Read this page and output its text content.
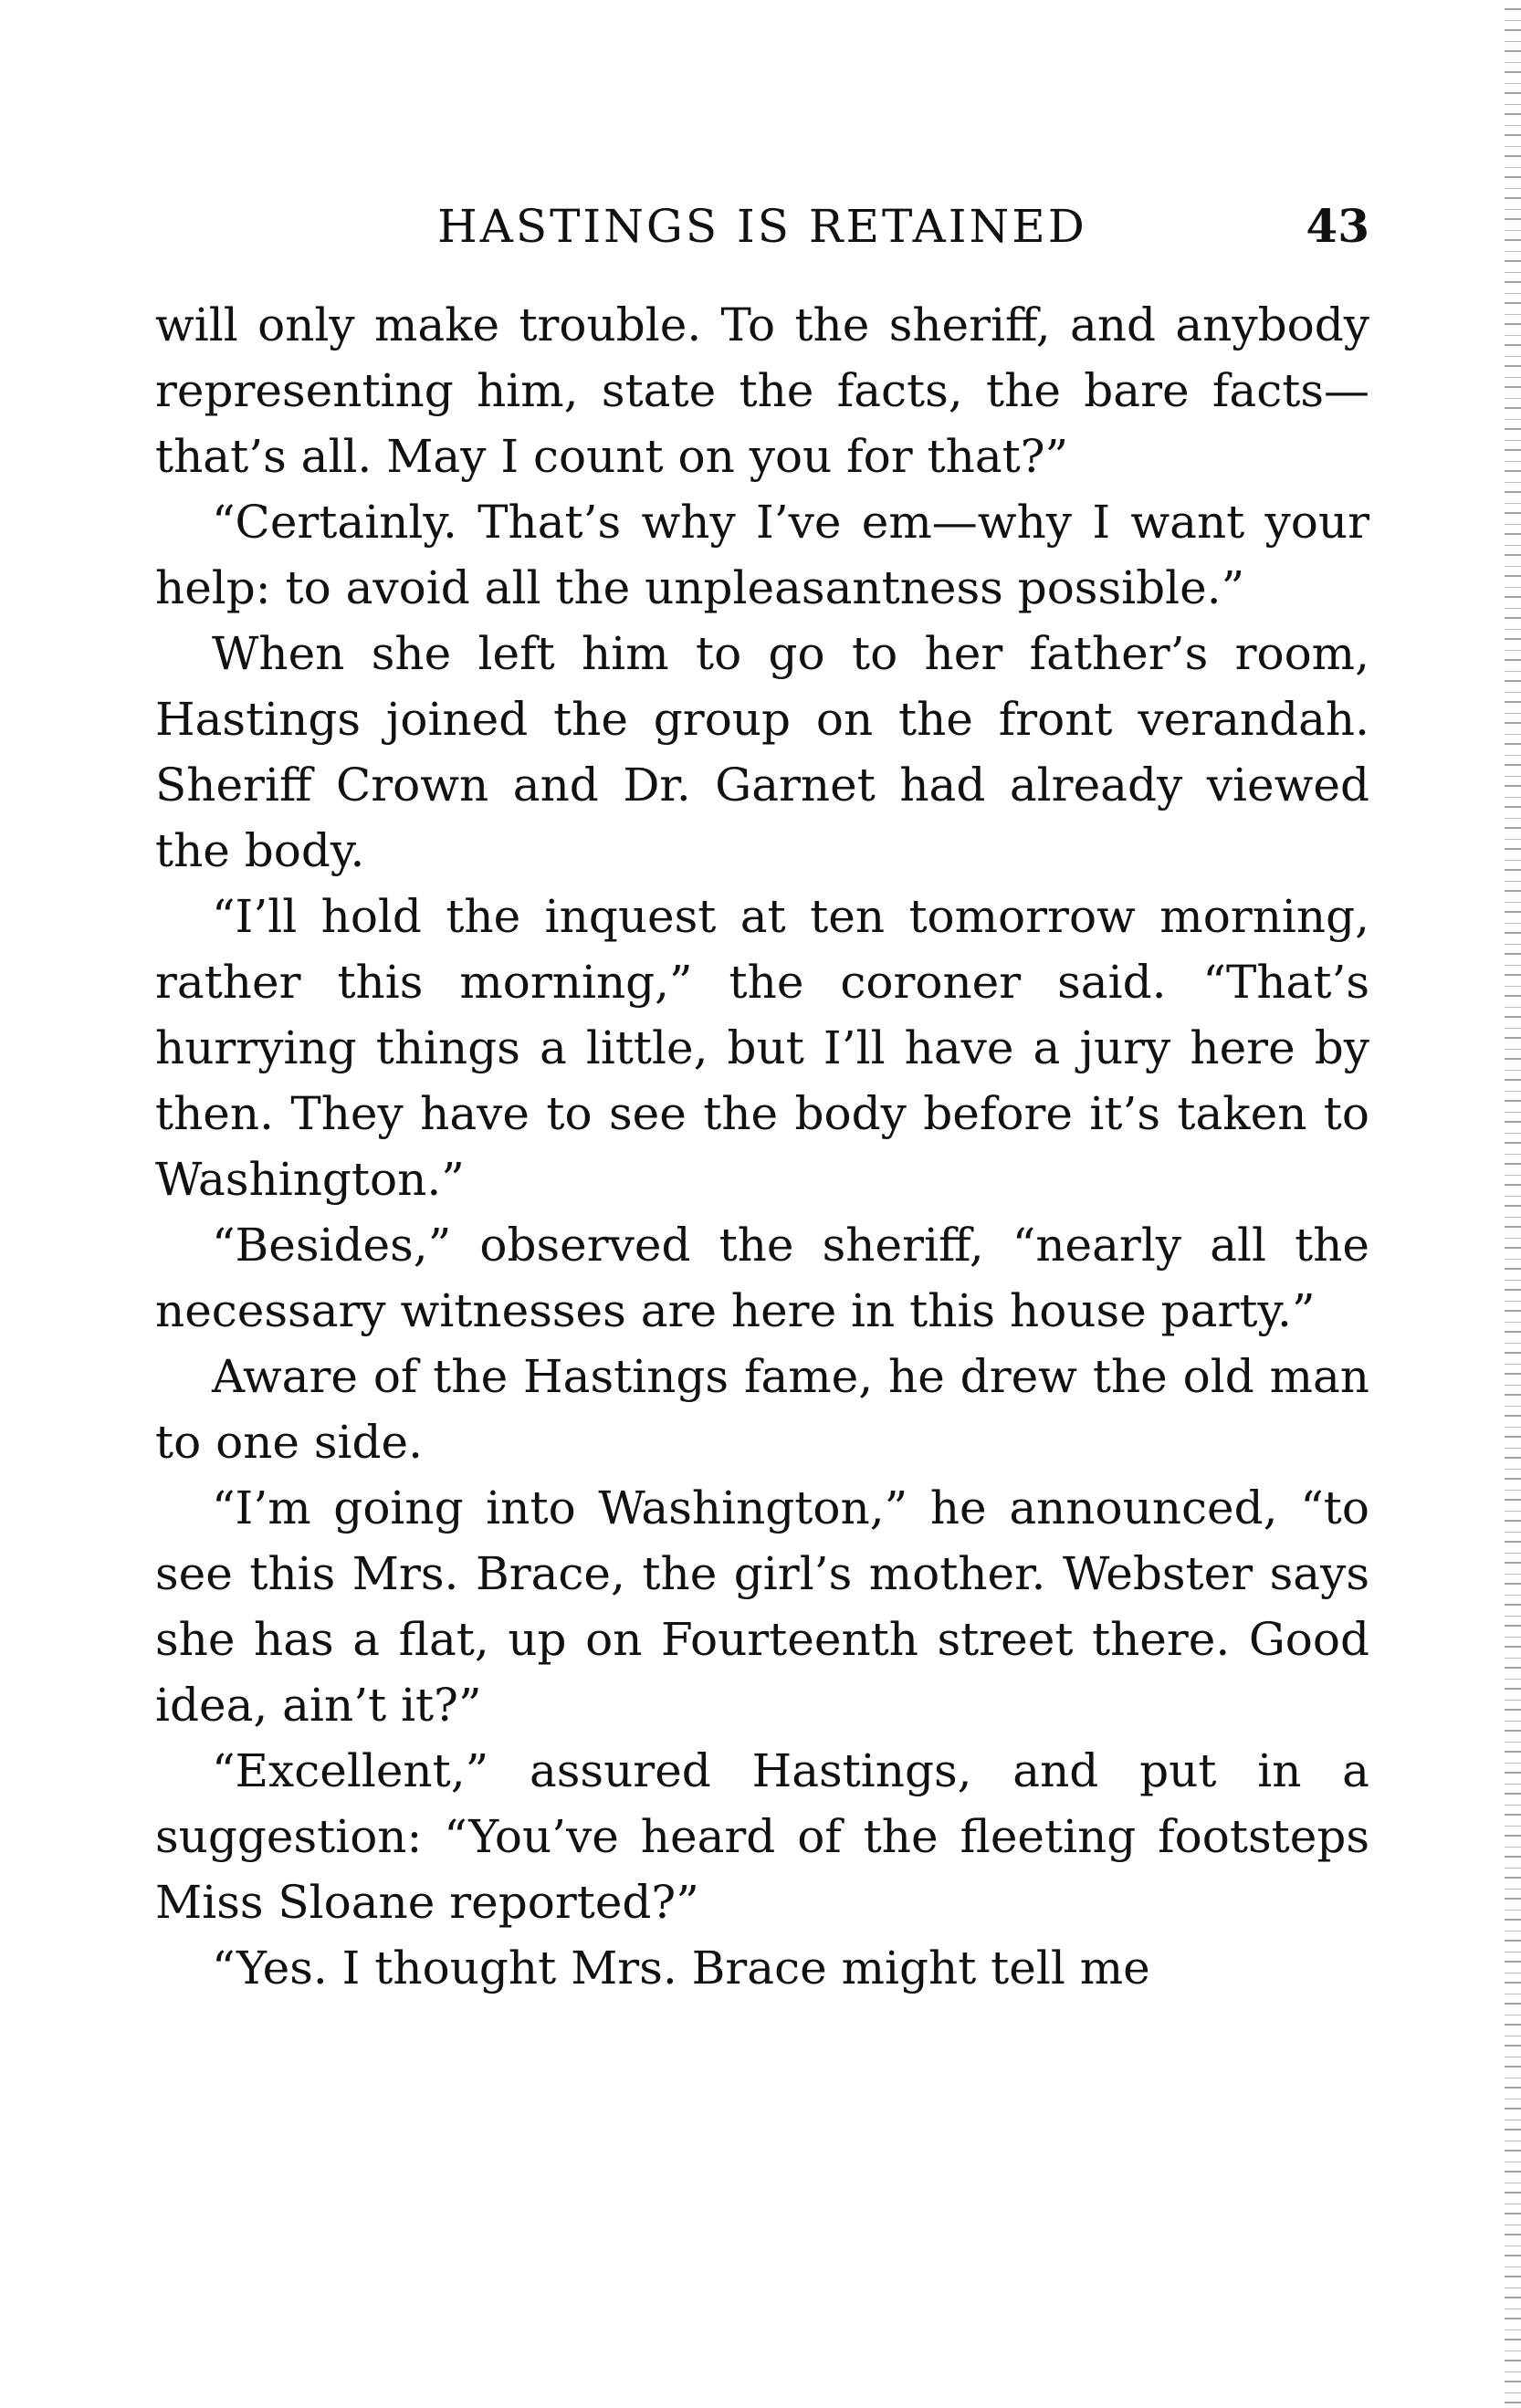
HASTINGS IS RETAINED	43

will only make trouble. To the sheriff, and anybody representing him, state the facts, the bare facts—that’s all. May I count on you for that?”

“Certainly. That’s why I’ve em—why I want your help: to avoid all the unpleasantness possible.”

When she left him to go to her father’s room, Hastings joined the group on the front verandah. Sheriff Crown and Dr. Garnet had already viewed the body.

“I’ll hold the inquest at ten tomorrow morning, rather this morning,” the coroner said. “That’s hurrying things a little, but I’ll have a jury here by then. They have to see the body before it’s taken to Washington.”

“Besides,” observed the sheriff, “nearly all the necessary witnesses are here in this house party.”

Aware of the Hastings fame, he drew the old man to one side.

“I’m going into Washington,” he announced, “to see this Mrs. Brace, the girl’s mother. Webster says she has a flat, up on Fourteenth street there. Good idea, ain’t it?”

“Excellent,” assured Hastings, and put in a suggestion: “You’ve heard of the fleeting footsteps Miss Sloane reported?”

“Yes. I thought Mrs. Brace might tell me
